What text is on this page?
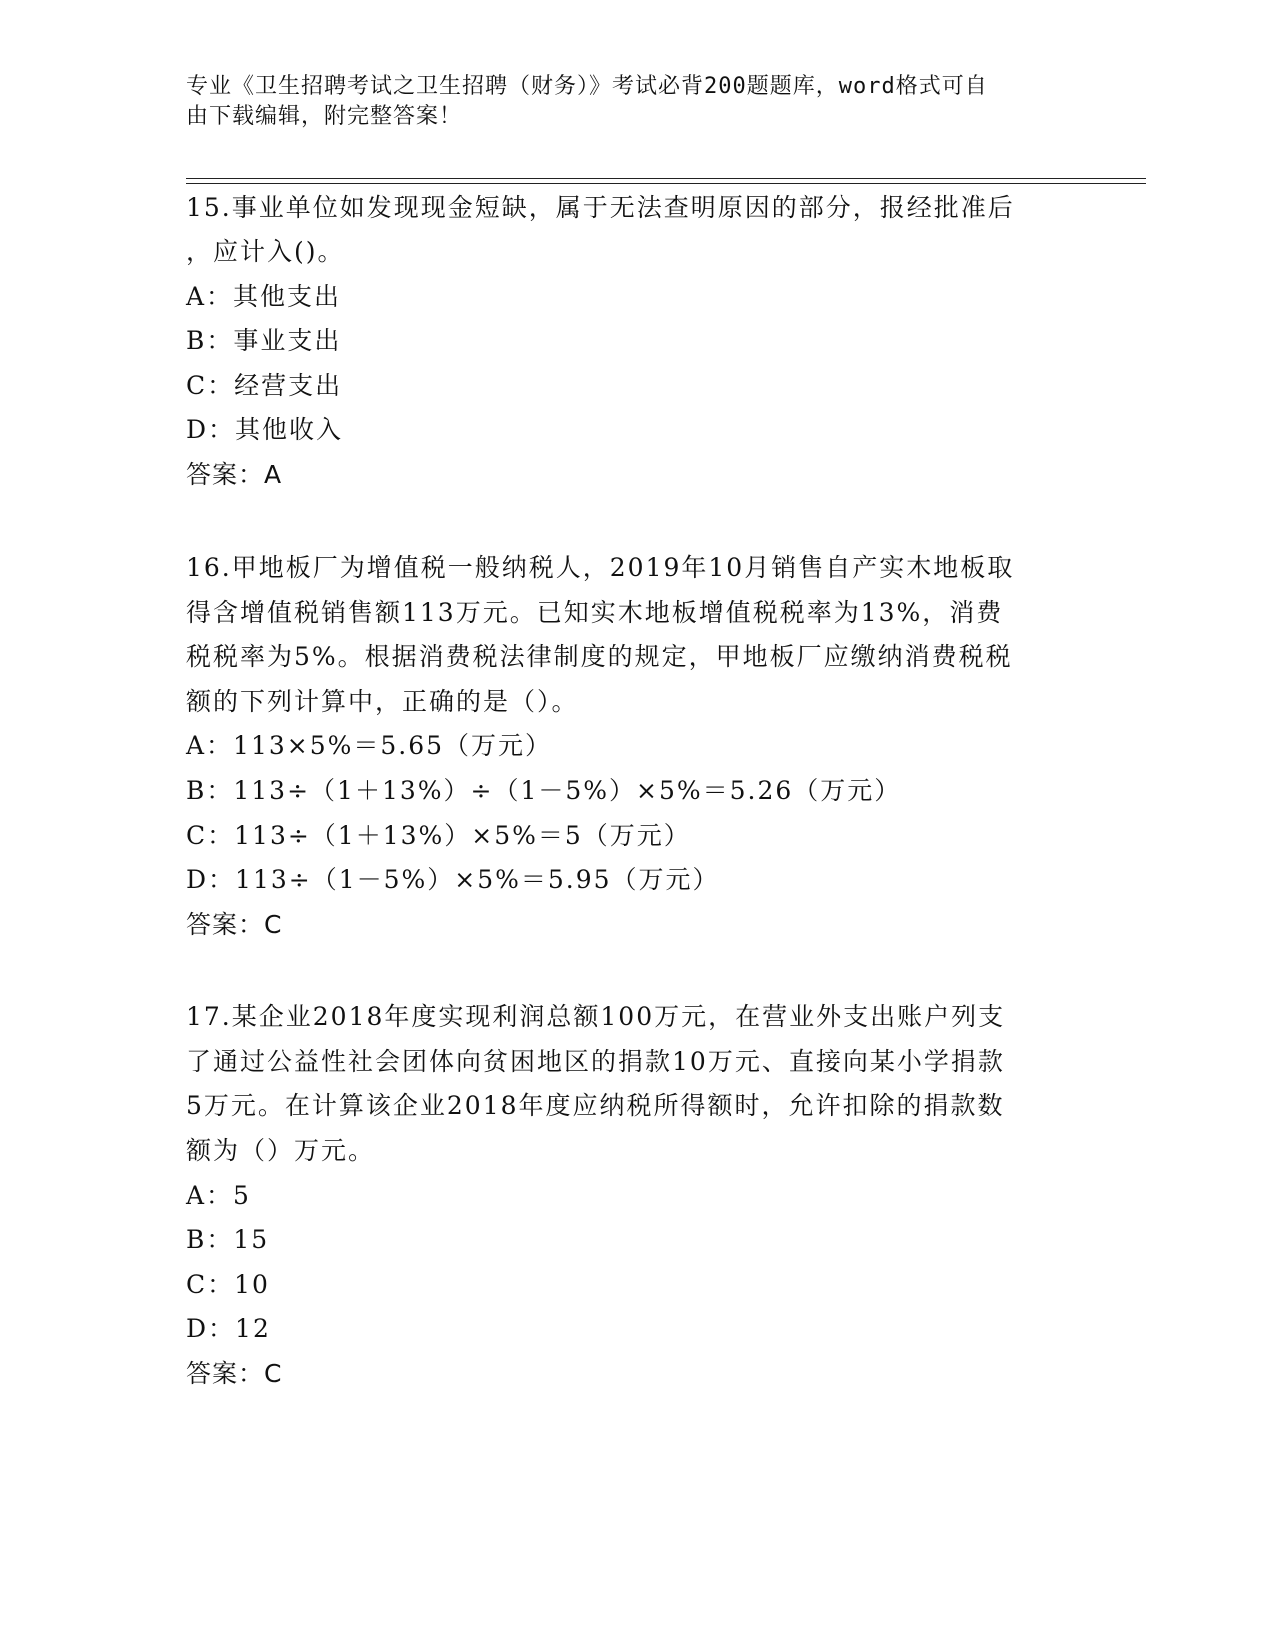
专业《卫生招聘考试之卫生招聘（财务）》考试必背200题题库，word格式可自
由下载编辑，附完整答案！
15.事业单位如发现现金短缺，属于无法查明原因的部分，报经批准后
，应计入()。
A：其他支出
B：事业支出
C：经营支出
D：其他收入
答案：A
16.甲地板厂为增值税一般纳税人，2019年10月销售自产实木地板取
得含增值税销售额113万元。已知实木地板增值税税率为13%，消费
税税率为5%。根据消费税法律制度的规定，甲地板厂应缴纳消费税税
额的下列计算中，正确的是（）。
A：113×5%＝5.65（万元）
B：113÷（1＋13%）÷（1－5%）×5%＝5.26（万元）
C：113÷（1＋13%）×5%＝5（万元）
D：113÷（1－5%）×5%＝5.95（万元）
答案：C
17.某企业2018年度实现利润总额100万元，在营业外支出账户列支
了通过公益性社会团体向贫困地区的捐款10万元、直接向某小学捐款
5万元。在计算该企业2018年度应纳税所得额时，允许扣除的捐款数
额为（）万元。
A：5
B：15
C：10
D：12
答案：C
